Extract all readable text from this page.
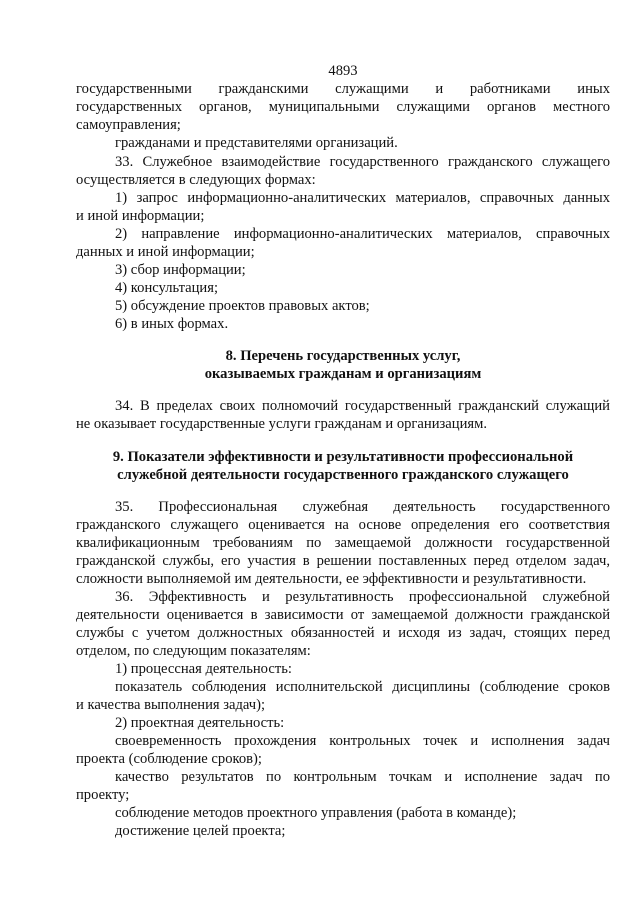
4893
государственными гражданскими служащими и работниками иных
государственных органов, муниципальными служащими органов местного
самоуправления;
гражданами и представителями организаций.
33. Служебное взаимодействие государственного гражданского служащего
осуществляется в следующих формах:
1) запрос информационно-аналитических материалов, справочных данных
и иной информации;
2) направление информационно-аналитических материалов, справочных
данных и иной информации;
3) сбор информации;
4) консультация;
5) обсуждение проектов правовых актов;
6) в иных формах.
8. Перечень государственных услуг,
оказываемых гражданам и организациям
34. В пределах своих полномочий государственный гражданский служащий
не оказывает государственные услуги гражданам и организациям.
9. Показатели эффективности и результативности профессиональной
служебной деятельности государственного гражданского служащего
35. Профессиональная служебная деятельность государственного
гражданского служащего оценивается на основе определения его соответствия
квалификационным требованиям по замещаемой должности государственной
гражданской службы, его участия в решении поставленных перед отделом задач,
сложности выполняемой им деятельности, ее эффективности и результативности.
36. Эффективность и результативность профессиональной служебной
деятельности оценивается в зависимости от замещаемой должности гражданской
службы с учетом должностных обязанностей и исходя из задач, стоящих перед
отделом, по следующим показателям:
1) процессная деятельность:
показатель соблюдения исполнительской дисциплины (соблюдение сроков
и качества выполнения задач);
2) проектная деятельность:
своевременность прохождения контрольных точек и исполнения задач
проекта (соблюдение сроков);
качество результатов по контрольным точкам и исполнение задач по
проекту;
соблюдение методов проектного управления (работа в команде);
достижение целей проекта;
